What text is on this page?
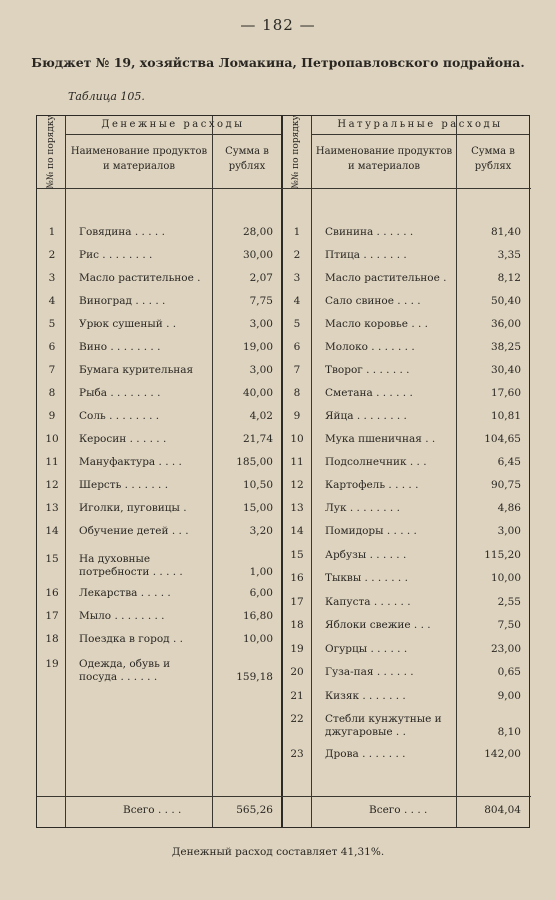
— 182 —
Бюджет № 19, хозяйства Ломакина, Петропавловского подрайона.
Таблица 105.
Денежные расходы	Натуральные расходы
№№ по порядку	№№ по порядку
Наименование продуктов и материалов
Сумма в рублях
Наименование продуктов и материалов
Сумма в рублях
1	Говядина . . . . .	28,00
2	Рис . . . . . . . .	30,00
3	Масло растительное .	2,07
4	Виноград . . . . .	7,75
5	Урюк сушеный . .	3,00
6	Вино . . . . . . . .	19,00
7	Бумага курительная	3,00
8	Рыба . . . . . . . .	40,00
9	Соль . . . . . . . .	4,02
10	Керосин . . . . . .	21,74
11	Мануфактура . . . .	185,00
12	Шерсть . . . . . . .	10,50
13	Иголки, пуговицы .	15,00
14	Обучение детей . . .	3,20
15	На духовные потребности . . . . .	1,00
16	Лекарства . . . . .	6,00
17	Мыло . . . . . . . .	16,80
18	Поездка в город . .	10,00
19	Одежда, обувь и посуда . . . . . .	159,18
1	Свинина . . . . . .	81,40
2	Птица . . . . . . .	3,35
3	Масло растительное .	8,12
4	Сало свиное . . . .	50,40
5	Масло коровье . . .	36,00
6	Молоко . . . . . . .	38,25
7	Творог . . . . . . .	30,40
8	Сметана . . . . . .	17,60
9	Яйца . . . . . . . .	10,81
10	Мука пшеничная . .	104,65
11	Подсолнечник . . .	6,45
12	Картофель . . . . .	90,75
13	Лук . . . . . . . .	4,86
14	Помидоры . . . . .	3,00
15	Арбузы . . . . . .	115,20
16	Тыквы . . . . . . .	10,00
17	Капуста . . . . . .	2,55
18	Яблоки свежие . . .	7,50
19	Огурцы . . . . . .	23,00
20	Гуза-пая . . . . . .	0,65
21	Кизяк . . . . . . .	9,00
22	Стебли кунжутные и джугаровые . .	8,10
23	Дрова . . . . . . .	142,00
Всего . . . .	565,26	Всего . . . .	804,04
Денежный расход составляет 41,31%.
